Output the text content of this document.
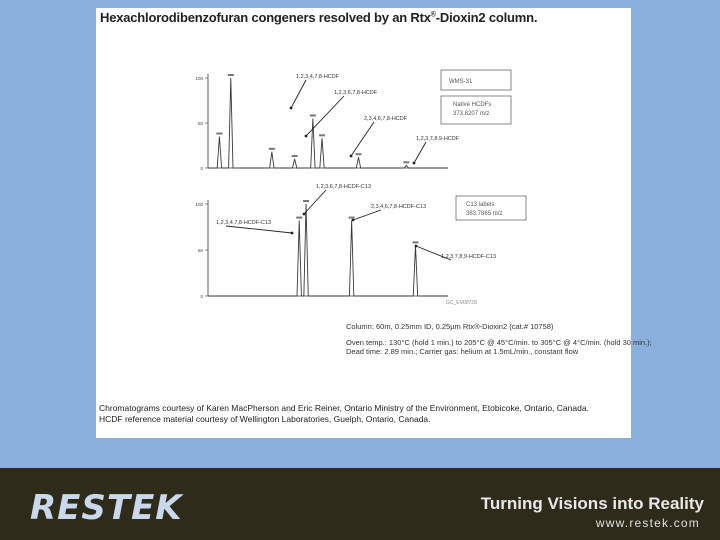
Hexachlorodibenzofuran congeners resolved by an Rtx®-Dioxin2 column.
0
50
100	1,2,3,4,7,8-HCDF
1,2,3,6,7,8-HCDF
2,3,4,6,7,8-HCDF
1,2,3,7,8,9-HCDF
WMS-31
Native HCDFs
373.8207 m/z
0
50
100
1,2,3,4,7,8-HCDF-C13
1,2,3,6,7,8-HCDF-C13
2,3,4,6,7,8-HCDF-C13
1,2,3,7,8,9-HCDF-C13
C13 labels
383.7865 m/z
GC_EV00728
Column: 60m, 0.25mm ID, 0.25µm Rtx®-Dioxin2 (cat.# 10758)
Oven temp.: 130°C (hold 1 min.) to 205°C @ 45°C/min. to 305°C @ 4°C/min. (hold 30 min.);
Dead time: 2.89 min.; Carrier gas: helium at 1.5mL/min., constant flow
Chromatograms courtesy of Karen MacPherson and Eric Reiner, Ontario Ministry of the Environment, Etobicoke, Ontario, Canada.
HCDF reference material courtesy of Wellington Laboratories, Guelph, Ontario, Canada.
RESTEK	Turning Visions into Reality
www.restek.com
